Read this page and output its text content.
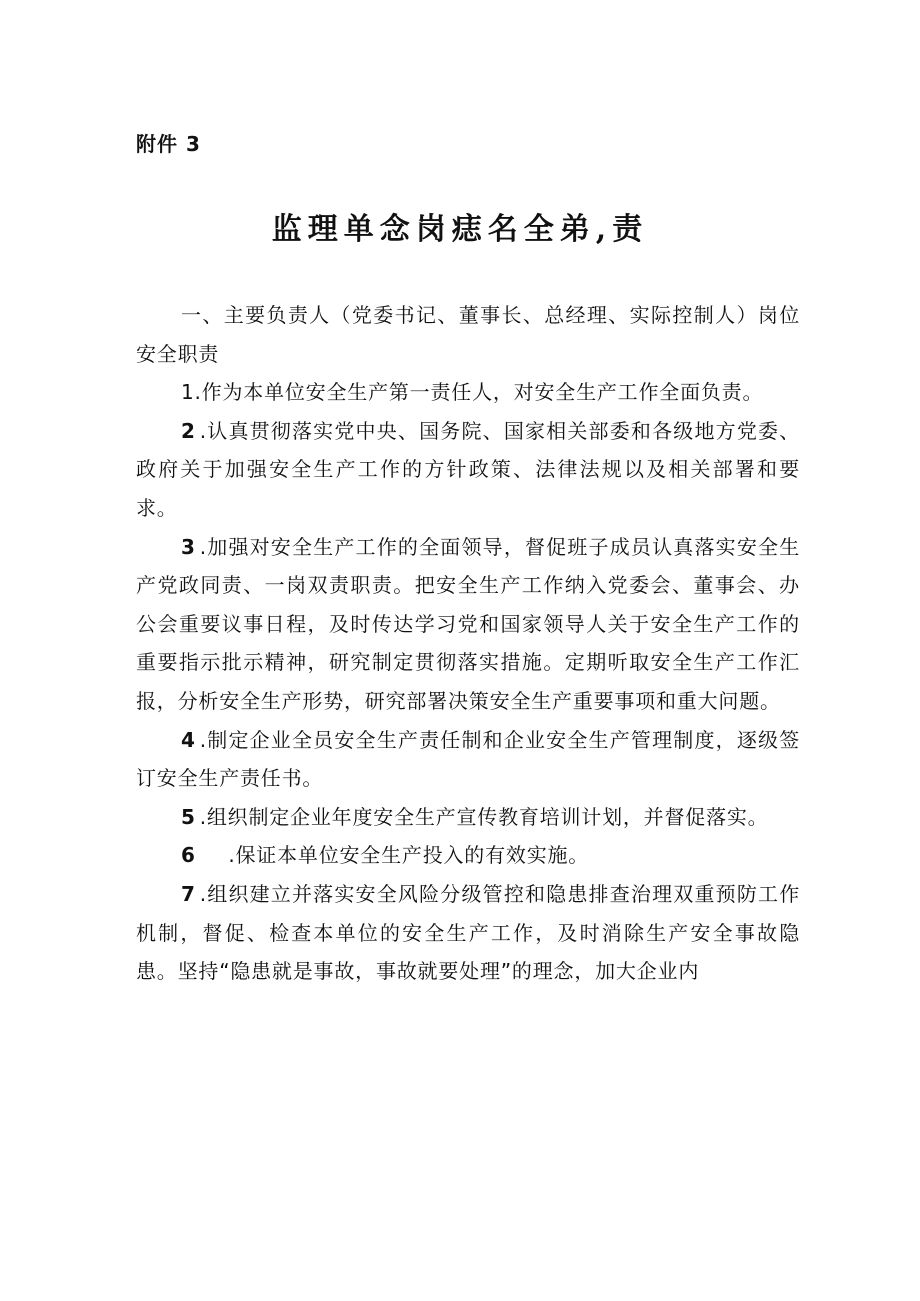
附件 3
监理单念岗痣名全弟,责

一、主要负责人（党委书记、董事长、总经理、实际控制人）岗位安全职责

1.作为本单位安全生产第一责任人，对安全生产工作全面负责。

2 .认真贯彻落实党中央、国务院、国家相关部委和各级地方党委、政府关于加强安全生产工作的方针政策、法律法规以及相关部署和要求。

3 .加强对安全生产工作的全面领导，督促班子成员认真落实安全生产党政同责、一岗双责职责。把安全生产工作纳入党委会、董事会、办公会重要议事日程，及时传达学习党和国家领导人关于安全生产工作的重要指示批示精神，研究制定贯彻落实措施。定期听取安全生产工作汇报，分析安全生产形势，研究部署决策安全生产重要事项和重大问题。

4 .制定企业全员安全生产责任制和企业安全生产管理制度，逐级签订安全生产责任书。

5 .组织制定企业年度安全生产宣传教育培训计划，并督促落实。

6    .保证本单位安全生产投入的有效实施。

7 .组织建立并落实安全风险分级管控和隐患排查治理双重预防工作机制，督促、检查本单位的安全生产工作，及时消除生产安全事故隐患。坚持“隐患就是事故，事故就要处理”的理念，加大企业内
